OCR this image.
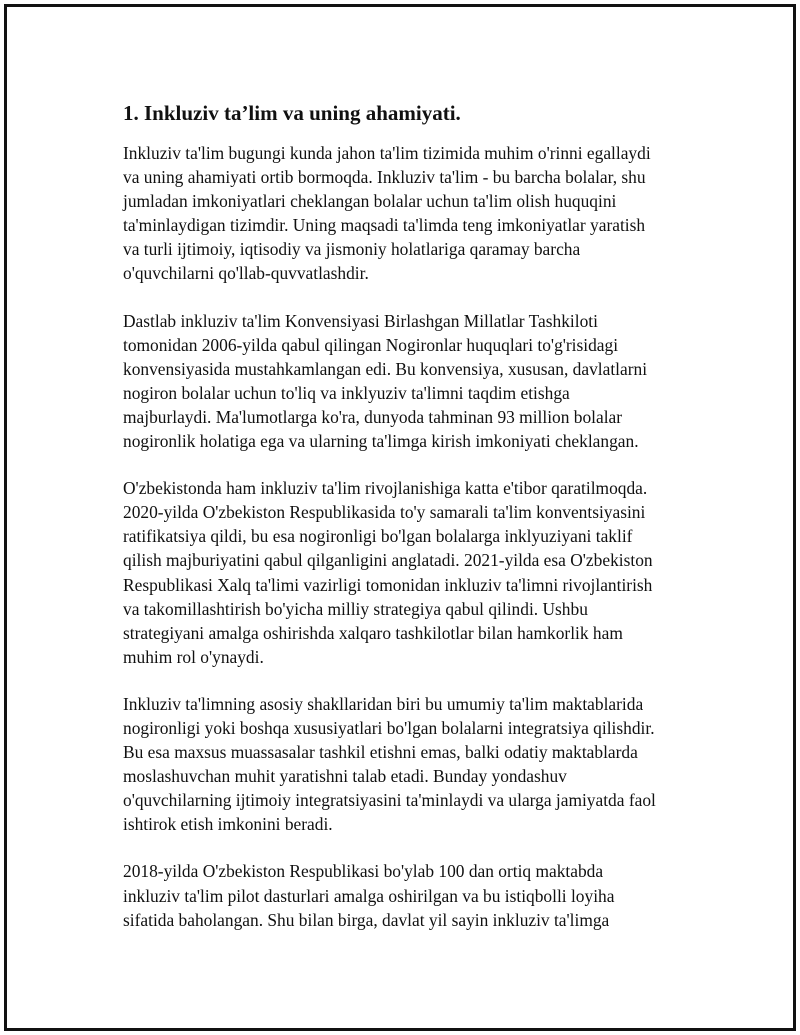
1. Inkluziv ta’lim va uning ahamiyati.

Inkluziv ta'lim bugungi kunda jahon ta'lim tizimida muhim o'rinni egallaydi
va uning ahamiyati ortib bormoqda. Inkluziv ta'lim - bu barcha bolalar, shu
jumladan imkoniyatlari cheklangan bolalar uchun ta'lim olish huquqini
ta'minlaydigan tizimdir. Uning maqsadi ta'limda teng imkoniyatlar yaratish
va turli ijtimoiy, iqtisodiy va jismoniy holatlariga qaramay barcha
o'quvchilarni qo'llab-quvvatlashdir.

Dastlab inkluziv ta'lim Konvensiyasi Birlashgan Millatlar Tashkiloti
tomonidan 2006-yilda qabul qilingan Nogironlar huquqlari to'g'risidagi
konvensiyasida mustahkamlangan edi. Bu konvensiya, xususan, davlatlarni
nogiron bolalar uchun to'liq va inklyuziv ta'limni taqdim etishga
majburlaydi. Ma'lumotlarga ko'ra, dunyoda tahminan 93 million bolalar
nogironlik holatiga ega va ularning ta'limga kirish imkoniyati cheklangan.

O'zbekistonda ham inkluziv ta'lim rivojlanishiga katta e'tibor qaratilmoqda.
2020-yilda O'zbekiston Respublikasida to'y samarali ta'lim konventsiyasini
ratifikatsiya qildi, bu esa nogironligi bo'lgan bolalarga inklyuziyani taklif
qilish majburiyatini qabul qilganligini anglatadi. 2021-yilda esa O'zbekiston
Respublikasi Xalq ta'limi vazirligi tomonidan inkluziv ta'limni rivojlantirish
va takomillashtirish bo'yicha milliy strategiya qabul qilindi. Ushbu
strategiyani amalga oshirishda xalqaro tashkilotlar bilan hamkorlik ham
muhim rol o'ynaydi.

Inkluziv ta'limning asosiy shakllaridan biri bu umumiy ta'lim maktablarida
nogironligi yoki boshqa xususiyatlari bo'lgan bolalarni integratsiya qilishdir.
Bu esa maxsus muassasalar tashkil etishni emas, balki odatiy maktablarda
moslashuvchan muhit yaratishni talab etadi. Bunday yondashuv
o'quvchilarning ijtimoiy integratsiyasini ta'minlaydi va ularga jamiyatda faol
ishtirok etish imkonini beradi.

2018-yilda O'zbekiston Respublikasi bo'ylab 100 dan ortiq maktabda
inkluziv ta'lim pilot dasturlari amalga oshirilgan va bu istiqbolli loyiha
sifatida baholangan. Shu bilan birga, davlat yil sayin inkluziv ta'limga
